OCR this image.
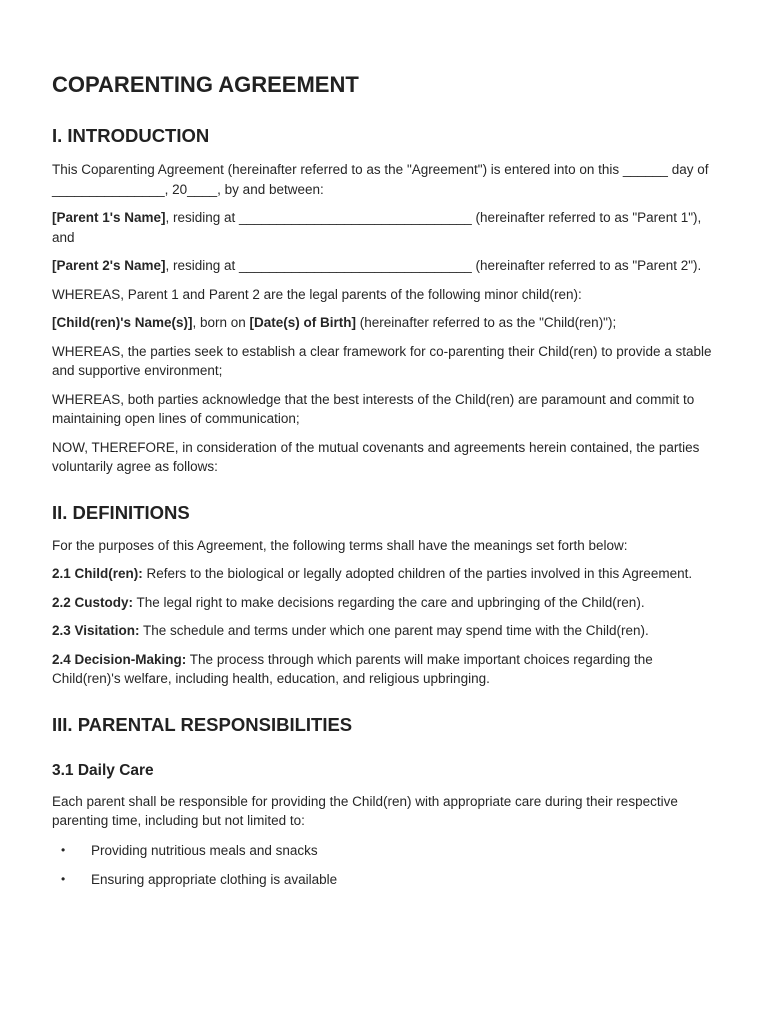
COPARENTING AGREEMENT
I. INTRODUCTION

This Coparenting Agreement (hereinafter referred to as the "Agreement") is entered into on this ______ day of _______________, 20____, by and between:

[Parent 1's Name], residing at _______________________________ (hereinafter referred to as "Parent 1"), and

[Parent 2's Name], residing at _______________________________ (hereinafter referred to as "Parent 2").

WHEREAS, Parent 1 and Parent 2 are the legal parents of the following minor child(ren):

[Child(ren)'s Name(s)], born on [Date(s) of Birth] (hereinafter referred to as the "Child(ren)");

WHEREAS, the parties seek to establish a clear framework for co-parenting their Child(ren) to provide a stable and supportive environment;

WHEREAS, both parties acknowledge that the best interests of the Child(ren) are paramount and commit to maintaining open lines of communication;

NOW, THEREFORE, in consideration of the mutual covenants and agreements herein contained, the parties voluntarily agree as follows:

II. DEFINITIONS

For the purposes of this Agreement, the following terms shall have the meanings set forth below:

2.1 Child(ren): Refers to the biological or legally adopted children of the parties involved in this Agreement.

2.2 Custody: The legal right to make decisions regarding the care and upbringing of the Child(ren).

2.3 Visitation: The schedule and terms under which one parent may spend time with the Child(ren).

2.4 Decision-Making: The process through which parents will make important choices regarding the Child(ren)'s welfare, including health, education, and religious upbringing.

III. PARENTAL RESPONSIBILITIES
3.1 Daily Care

Each parent shall be responsible for providing the Child(ren) with appropriate care during their respective parenting time, including but not limited to:

• Providing nutritious meals and snacks
• Ensuring appropriate clothing is available
